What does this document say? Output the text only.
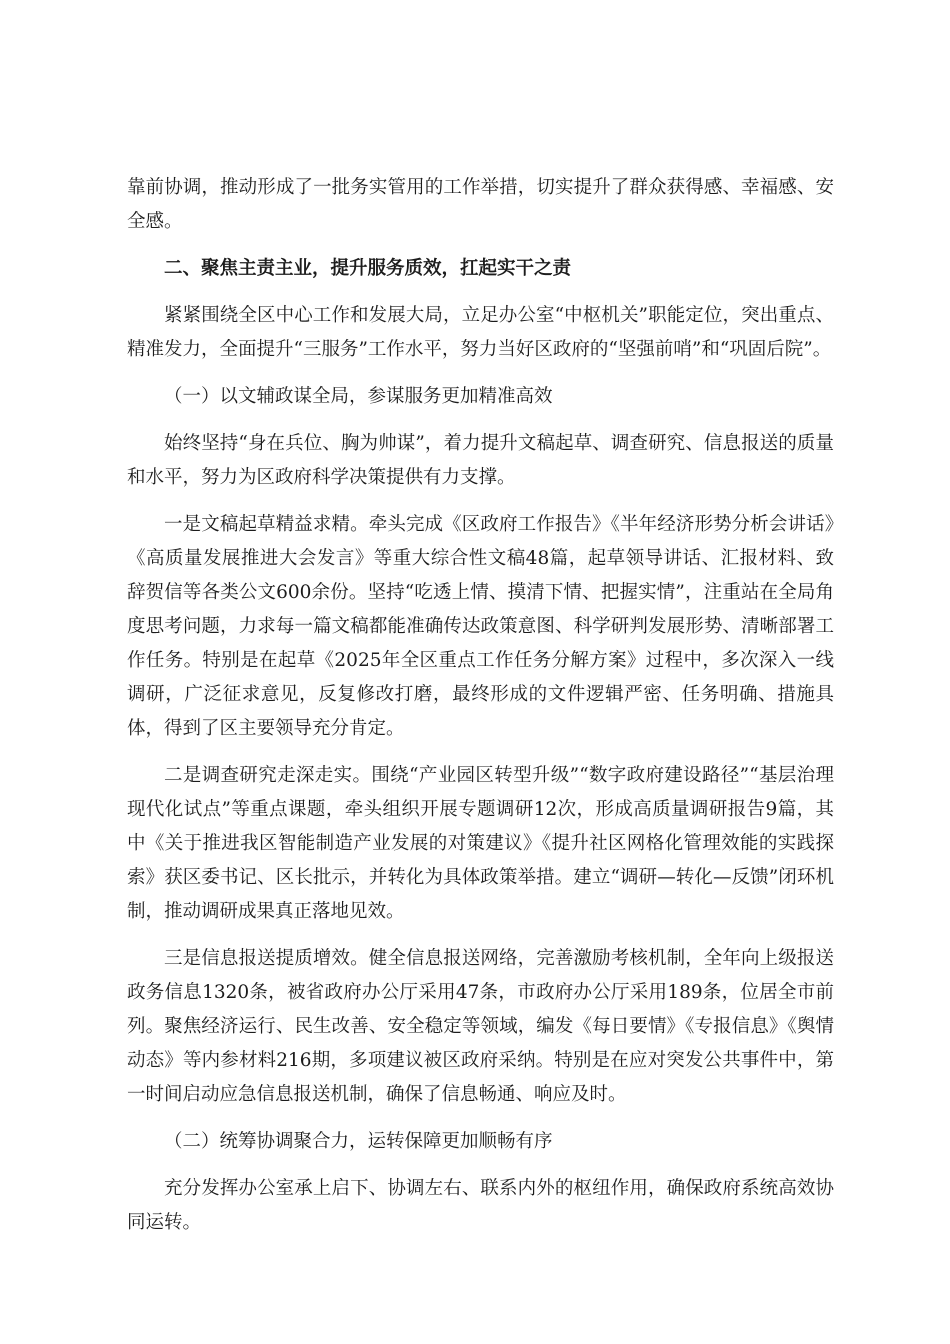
靠前协调，推动形成了一批务实管用的工作举措，切实提升了群众获得感、幸福感、安全感。

二、聚焦主责主业，提升服务质效，扛起实干之责

紧紧围绕全区中心工作和发展大局，立足办公室“中枢机关”职能定位，突出重点、精准发力，全面提升“三服务”工作水平，努力当好区政府的“坚强前哨”和“巩固后院”。

（一）以文辅政谋全局，参谋服务更加精准高效

始终坚持“身在兵位、胸为帅谋”，着力提升文稿起草、调查研究、信息报送的质量和水平，努力为区政府科学决策提供有力支撑。

一是文稿起草精益求精。牵头完成《区政府工作报告》《半年经济形势分析会讲话》《高质量发展推进大会发言》等重大综合性文稿48篇，起草领导讲话、汇报材料、致辞贺信等各类公文600余份。坚持“吃透上情、摸清下情、把握实情”，注重站在全局角度思考问题，力求每一篇文稿都能准确传达政策意图、科学研判发展形势、清晰部署工作任务。特别是在起草《2025年全区重点工作任务分解方案》过程中，多次深入一线调研，广泛征求意见，反复修改打磨，最终形成的文件逻辑严密、任务明确、措施具体，得到了区主要领导充分肯定。

二是调查研究走深走实。围绕“产业园区转型升级”“数字政府建设路径”“基层治理现代化试点”等重点课题，牵头组织开展专题调研12次，形成高质量调研报告9篇，其中《关于推进我区智能制造产业发展的对策建议》《提升社区网格化管理效能的实践探索》获区委书记、区长批示，并转化为具体政策举措。建立“调研—转化—反馈”闭环机制，推动调研成果真正落地见效。

三是信息报送提质增效。健全信息报送网络，完善激励考核机制，全年向上级报送政务信息1320条，被省政府办公厅采用47条，市政府办公厅采用189条，位居全市前列。聚焦经济运行、民生改善、安全稳定等领域，编发《每日要情》《专报信息》《舆情动态》等内参材料216期，多项建议被区政府采纳。特别是在应对突发公共事件中，第一时间启动应急信息报送机制，确保了信息畅通、响应及时。

（二）统筹协调聚合力，运转保障更加顺畅有序

充分发挥办公室承上启下、协调左右、联系内外的枢纽作用，确保政府系统高效协同运转。
